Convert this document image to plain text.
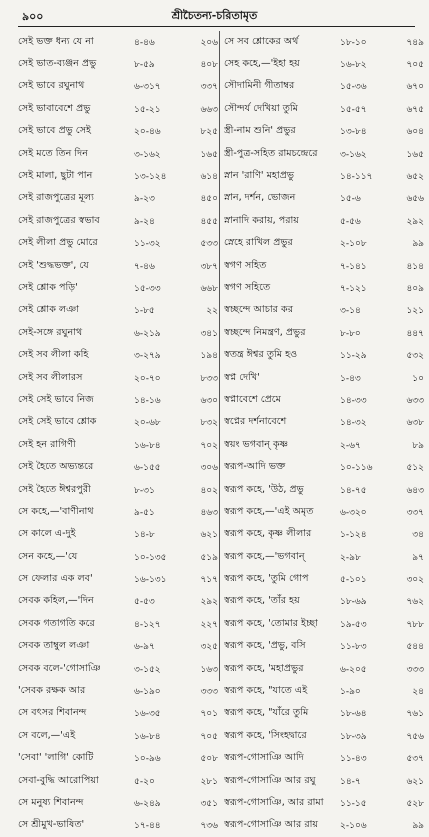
৯০০	শ্রীচৈতন্য-চরিতামৃত
সেই ভক্ত ধন্য যে না	৪-৪৬	২০৬
সেই ভাত-ব্যঞ্জন প্রভু	৮-৫৯	৪০৮
সেই ভাবে রঘুনাথ	৬-৩১৭	৩৩৭
সেই ভাবাবেশে প্রভু	১৫-২১	৬৬৩
সেই ভাবে প্রভু সেই	২০-৪৬	৮২৫
সেই মতে তিন দিন	৩-১৬২	১৬৫
সেই মালা, ছুটা পান	১৩-১২৪	৬১৪
সেই রাজপুত্রের মূল্য	৯-২৩	৪৫০
সেই রাজপুত্রের স্বভাব	৯-২৪	৪৫৫
সেই লীলা প্রভু মোরে	১১-৩২	৫৩৩
সেই 'শুদ্ধভক্ত', যে	৭-৪৬	৩৮৭
সেই শ্লোক পড়ি'	১৫-৩৩	৬৬৮
সেই শ্লোক লঞা	১-৮৫	২২
সেই-সঙ্গে রঘুনাথ	৬-২১৯	৩৪১
সেই সব লীলা কহি	৩-২৭৯	১৯৪
সেই সব লীলারস	২০-৭০	৮৩৩
সেই সেই ভাবে নিজ	১৪-১৬	৬৩০
সেই সেই ভাবে শ্লোক	২০-৬৮	৮৩২
সেই হন রাগিণী	১৬-৮৪	৭০২
সেই হৈতে অভ্যন্তরে	৬-১৫৫	৩০৬
সেই হৈতে ঈশ্বরপুরী	৮-৩১	৪০২
সে কহে,—'বাণীনাথ	৯-৫১	৪৬৩
সে কালে এ-দুই	১৪-৮	৬২১
সেন কহে,—'যে	১০-১৩৫	৫১৯
সে ফেলার এক লব'	১৬-১৩১	৭১৭
সেবক কহিল,—'দিন	৫-৫৩	২৯২
সেবক গতাগতি করে	৪-১২৭	২২৭
সেবক তাম্বুল লঞা	৬-৯৭	৩২৫
সেবক বলে-'গোসাঞি	৩-১৫২	১৬৩
'সেবক রক্ষক আর	৬-১৯০	৩৩৩
সে বৎসর শিবানন্দ	১৬-৩৫	৭০১
সে বলে,—'এই	১৬-৮৪	৭০৫
'সেবা' 'লাগি' কোটি	১০-৯৬	৫০৮
সেবা-বুদ্ধি আরোপিয়া	৫-২০	২৮১
সে মনুষ্য শিবানন্দ	৬-২৪৯	৩৫১
সে শ্রীমুখ-ভাষিত'	১৭-৪৪	৭৩৬
সে সব শ্লোকের অর্থ	১৮-১০	৭৪৯
সেহ কহে,—'ইহা হয়	১৬-৮২	৭০৫
সৌদামিনী গীতাম্বর	১৫-৩৬	৬৭০
সৌন্দর্য দেখিয়া তুমি	১৫-৫৭	৬৭৫
স্ত্রী-নাম শুনি' প্রভুর	১৩-৮৪	৬০৪
স্ত্রী-পুত্র-সহিত রামচন্দ্রেরে	৩-১৬২	১৬৫
স্নান 'রাণি' মহাপ্রভু	১৪-১১৭	৬৫২
স্নান, দর্শন, ভোজন	১৫-৬	৬৫৬
স্নানাদি করায়, পরায়	৫-৫৬	২৯২
স্নেহে রাখিল প্রভুর	২-১০৮	৯৯
স্বগণ সহিত	৭-১৪১	৪১৪
স্বগণ সহিতে	৭-১২১	৪০৯
স্বচ্ছন্দে আচার কর	৩-১৪	১২১
স্বচ্ছন্দে নিমন্ত্রণ, প্রভুর	৮-৮০	৪৪৭
স্বতন্ত্র ঈশ্বর তুমি হও	১১-২৯	৫৩২
স্বপ্ন দেখি'	১-৪৩	১০
স্বপ্নাবেশে প্রেমে	১৪-৩৩	৬৩৩
স্বপ্নের দর্শনাবেশে	১৪-৩২	৬৩৮
স্বয়ং ভগবান্ কৃষ্ণ	২-৬৭	৮৯
স্বরূপ-আদি ভক্ত	১০-১১৬	৫১২
স্বরূপ কহে, 'উঠ, প্রভু	১৪-৭৫	৬৪৩
স্বরূপ কহে,—'এই অমৃত	৬-৩২০	৩৩৭
স্বরূপ কহে, কৃষ্ণ লীলার	১-১২৪	৩৪
স্বরূপ কহে,—'ভগবান্	২-৯৮	৯৭
স্বরূপ কহে, 'তুমি গোপ	৫-১০১	৩০২
স্বরূপ কহে, 'তাঁর হয়	১৮-৬৯	৭৬২
স্বরূপ কহে, 'তোমার ইচ্ছা	১৯-৫৩	৭৮৮
স্বরূপ কহে, 'প্রভু, বসি	১১-৮৩	৫৪৪
স্বরূপ কহে, 'মহাপ্রভুর	৬-২০৫	৩৩৩
স্বরূপ কহে, "যাতে এই	১-৯০	২৪
স্বরূপ কহে, "যাঁরে তুমি	১৮-৬৪	৭৬১
স্বরূপ কহে, 'সিংহদ্বারে	১৮-৩৯	৭৫৬
স্বরূপ-গোসাঞি আদি	১১-৪৩	৫৩৭
স্বরূপ-গোসাঞি আর রঘু	১৪-৭	৬২১
স্বরূপ-গোসাঞি, আর রামা	১১-১৫	৫২৮
স্বরূপ-গোসাঞি আর রায়	২-১০৬	৯৯
